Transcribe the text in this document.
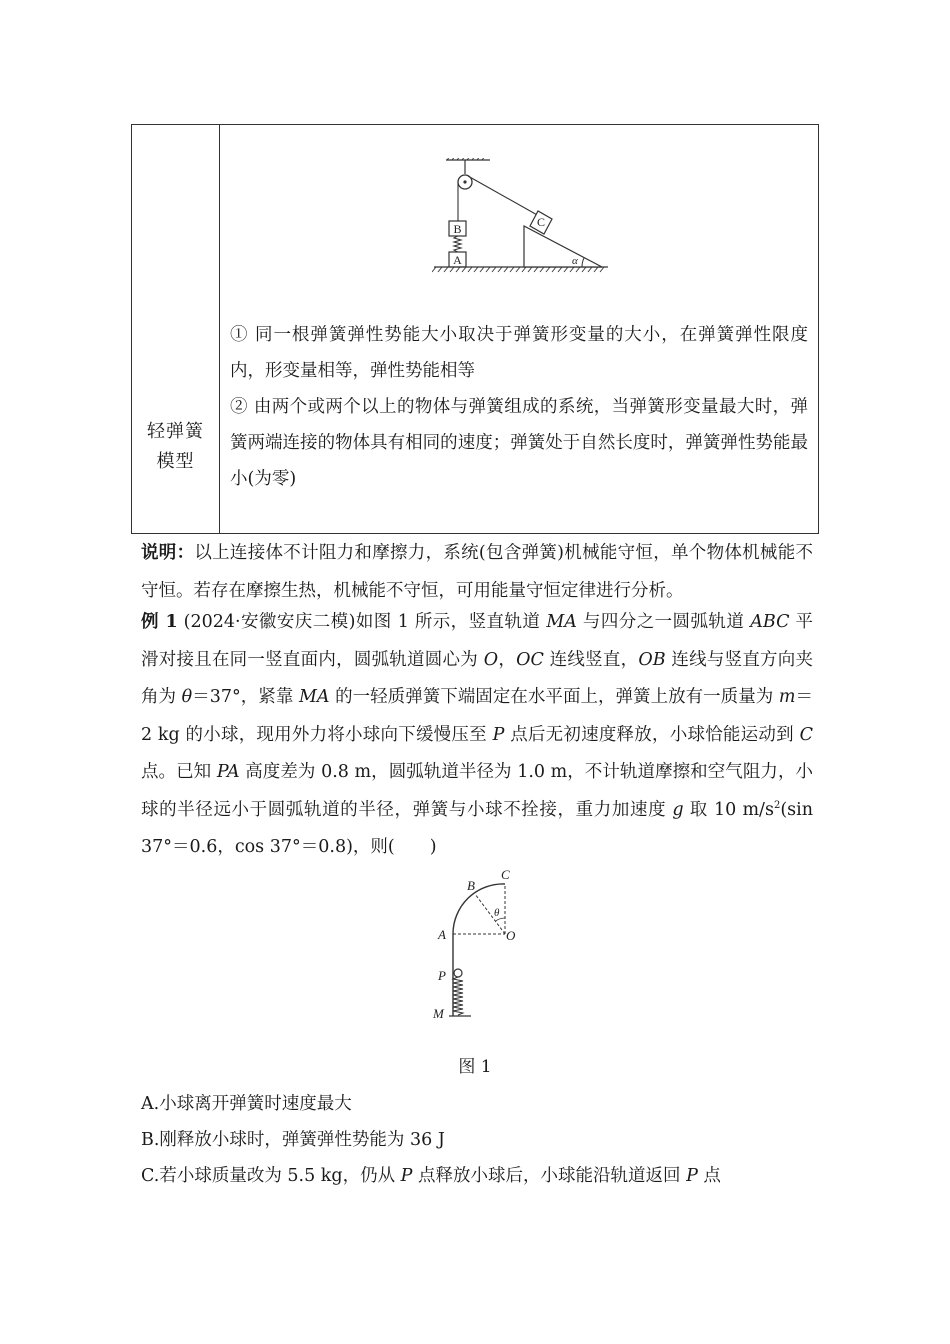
轻弹簧
模型
B
A
C
α

① 同一根弹簧弹性势能大小取决于弹簧形变量的大小，在弹簧弹性限度内，形变量相等，弹性势能相等

② 由两个或两个以上的物体与弹簧组成的系统，当弹簧形变量最大时，弹簧两端连接的物体具有相同的速度；弹簧处于自然长度时，弹簧弹性势能最小(为零)

说明：以上连接体不计阻力和摩擦力，系统(包含弹簧)机械能守恒，单个物体机械能不守恒。若存在摩擦生热，机械能不守恒，可用能量守恒定律进行分析。
例 1 (2024·安徽安庆二模)如图 1 所示，竖直轨道 MA 与四分之一圆弧轨道 ABC 平滑对接且在同一竖直面内，圆弧轨道圆心为 O，OC 连线竖直，OB 连线与竖直方向夹角为 θ＝37°，紧靠 MA 的一轻质弹簧下端固定在水平面上，弹簧上放有一质量为 m＝2 kg 的小球，现用外力将小球向下缓慢压至 P 点后无初速度释放，小球恰能运动到 C 点。已知 PA 高度差为 0.8 m，圆弧轨道半径为 1.0 m，不计轨道摩擦和空气阻力，小球的半径远小于圆弧轨道的半径，弹簧与小球不拴接，重力加速度 g 取 10 $m/s^2(\sin$ 37°＝0.6，cos 37°＝0.8)，则(　　)
B
C
θ
A	O
P
M
图 1
A.小球离开弹簧时速度最大
B.刚释放小球时，弹簧弹性势能为 36 J
C.若小球质量改为 5.5 kg，仍从 P 点释放小球后，小球能沿轨道返回 P 点
